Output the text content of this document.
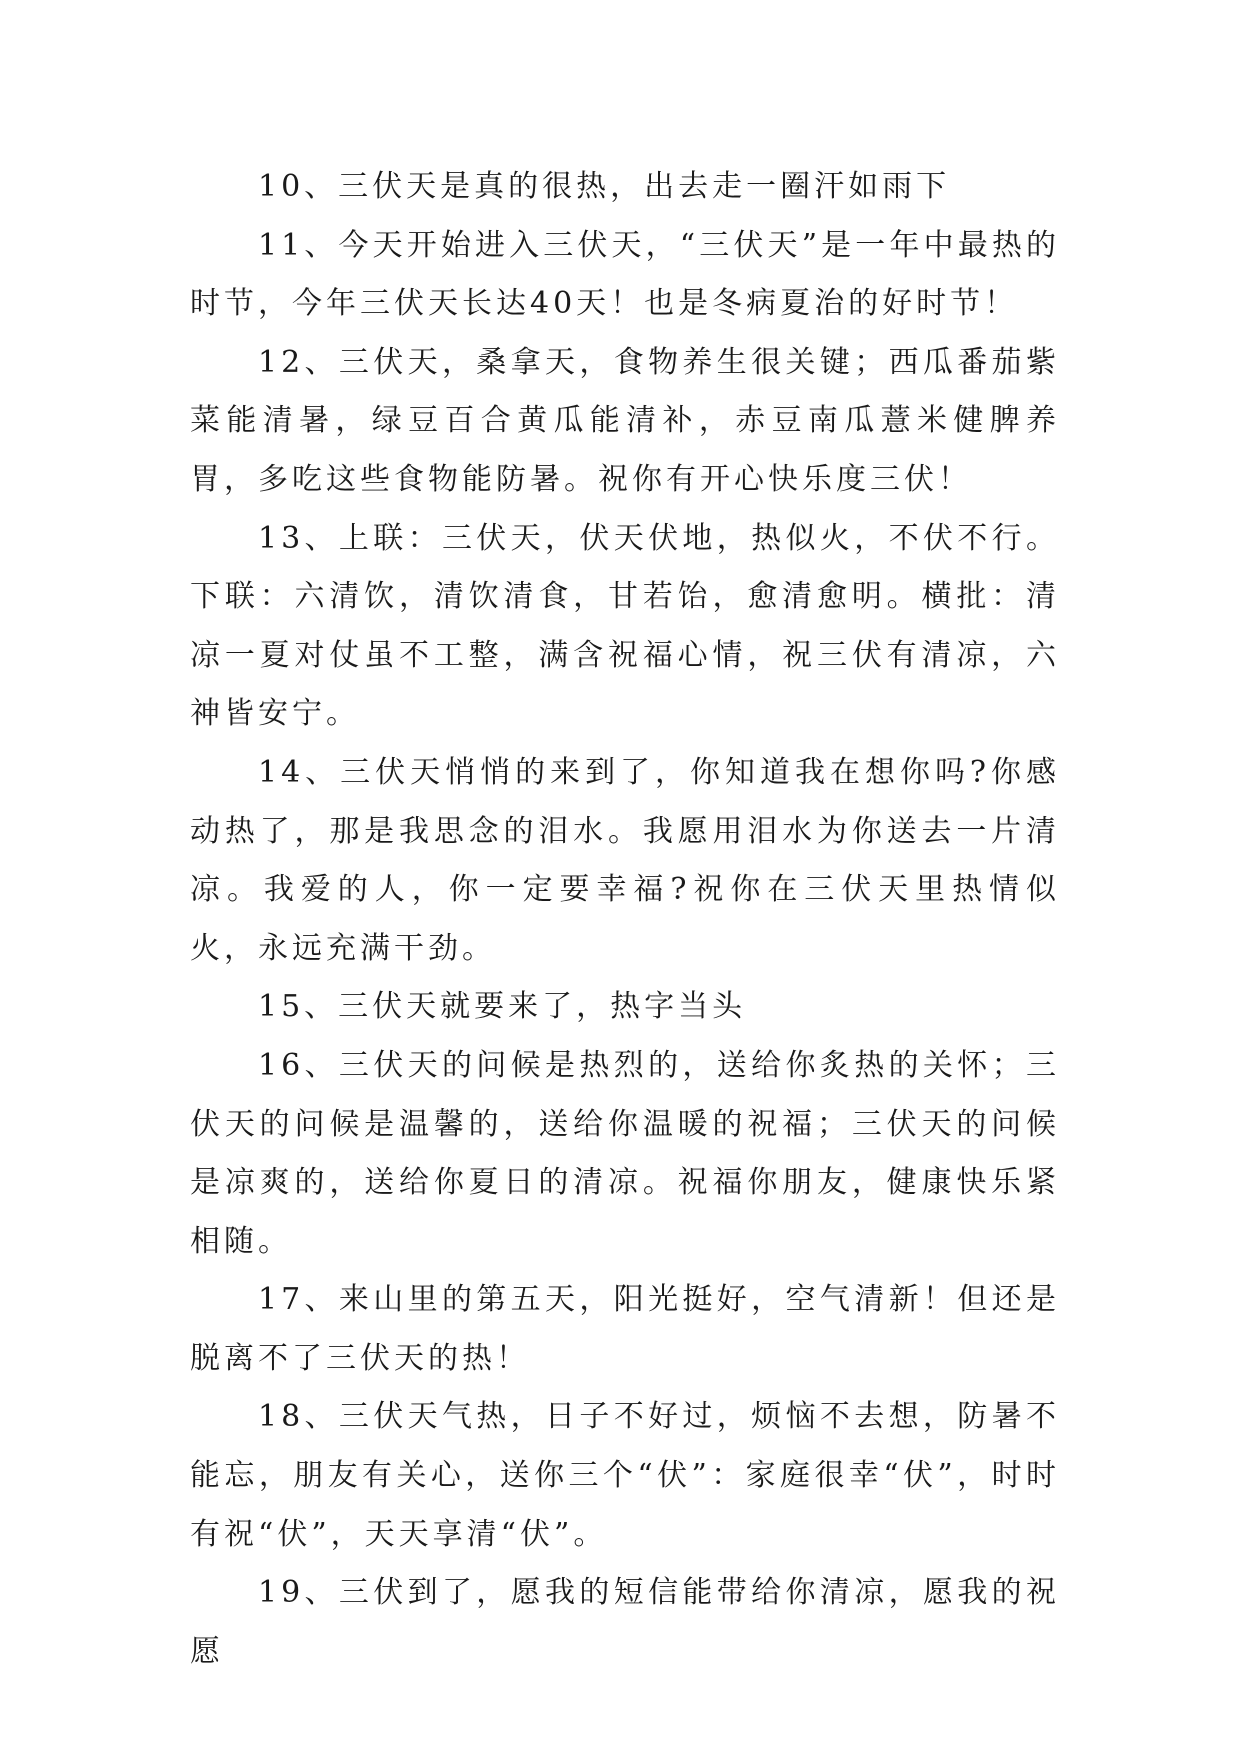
10、三伏天是真的很热，出去走一圈汗如雨下

11、今天开始进入三伏天，“三伏天”是一年中最热的时节，今年三伏天长达40天！也是冬病夏治的好时节！

12、三伏天，桑拿天，食物养生很关键；西瓜番茄紫菜能清暑，绿豆百合黄瓜能清补，赤豆南瓜薏米健脾养胃，多吃这些食物能防暑。祝你有开心快乐度三伏！

13、上联：三伏天，伏天伏地，热似火，不伏不行。下联：六清饮，清饮清食，甘若饴，愈清愈明。横批：清凉一夏对仗虽不工整，满含祝福心情，祝三伏有清凉，六神皆安宁。

14、三伏天悄悄的来到了，你知道我在想你吗?你感动热了，那是我思念的泪水。我愿用泪水为你送去一片清凉。我爱的人，你一定要幸福?祝你在三伏天里热情似火，永远充满干劲。

15、三伏天就要来了，热字当头

16、三伏天的问候是热烈的，送给你炙热的关怀；三伏天的问候是温馨的，送给你温暖的祝福；三伏天的问候是凉爽的，送给你夏日的清凉。祝福你朋友，健康快乐紧相随。

17、来山里的第五天，阳光挺好，空气清新！但还是脱离不了三伏天的热！

18、三伏天气热，日子不好过，烦恼不去想，防暑不能忘，朋友有关心，送你三个“伏”：家庭很幸“伏”，时时有祝“伏”，天天享清“伏”。

19、三伏到了，愿我的短信能带给你清凉，愿我的祝愿
